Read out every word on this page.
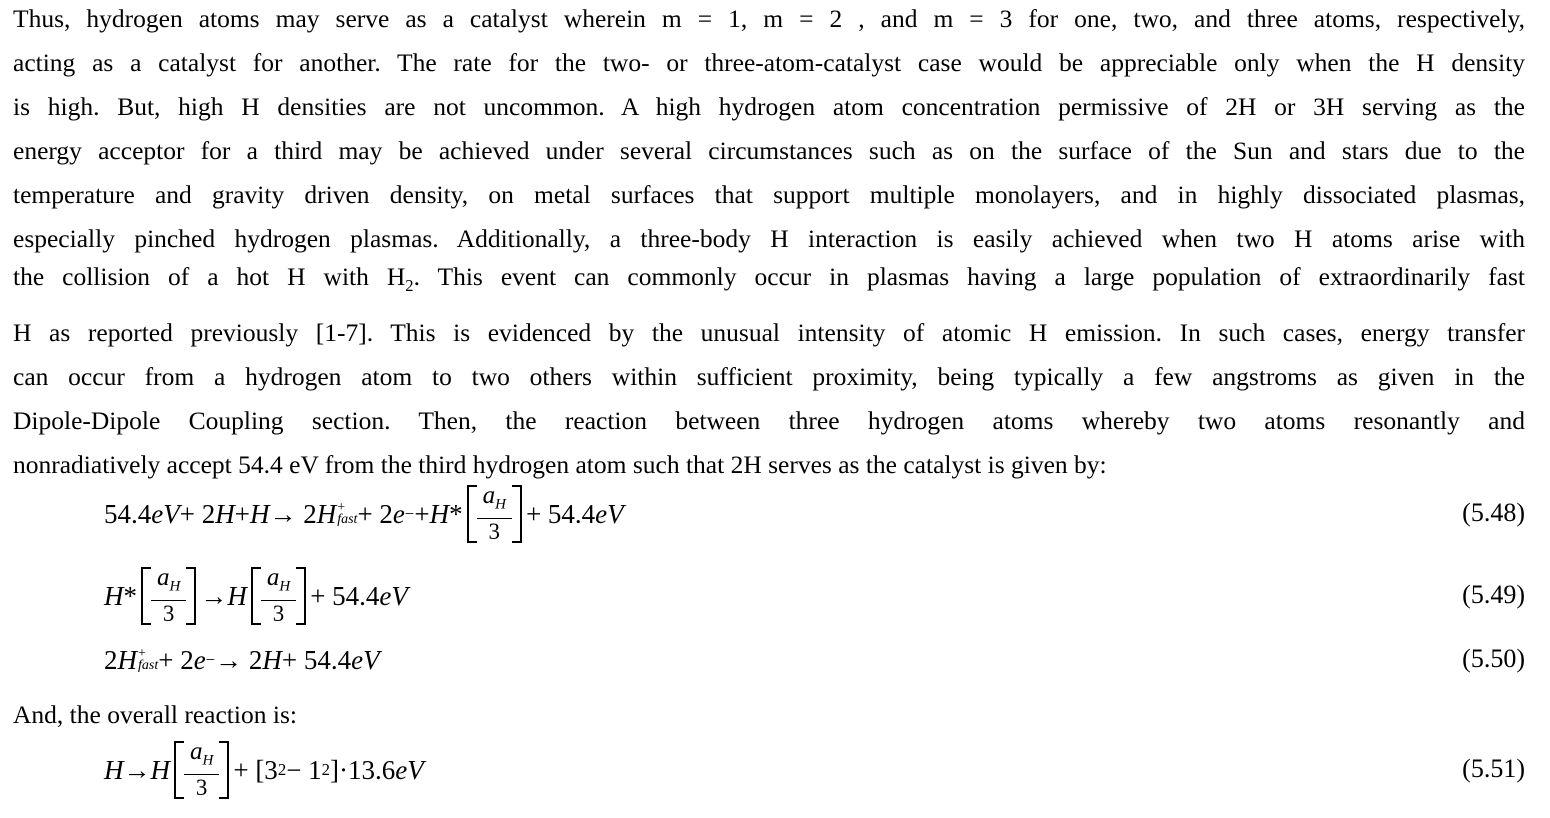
Thus, hydrogen atoms may serve as a catalyst wherein m = 1, m = 2 , and m = 3 for one, two, and three atoms, respectively,
acting as a catalyst for another. The rate for the two- or three-atom-catalyst case would be appreciable only when the H density
is high. But, high H densities are not uncommon. A high hydrogen atom concentration permissive of 2H or 3H serving as the
energy acceptor for a third may be achieved under several circumstances such as on the surface of the Sun and stars due to the
temperature and gravity driven density, on metal surfaces that support multiple monolayers, and in highly dissociated plasmas,
especially pinched hydrogen plasmas. Additionally, a three-body H interaction is easily achieved when two H atoms arise with
the collision of a hot H with $H_2$. This event can commonly occur in plasmas having a large population of extraordinarily fast
H as reported previously [1-7]. This is evidenced by the unusual intensity of atomic H emission. In such cases, energy transfer
can occur from a hydrogen atom to two others within sufficient proximity, being typically a few angstroms as given in the
Dipole-Dipole Coupling section. Then, the reaction between three hydrogen atoms whereby two atoms resonantly and
nonradiatively accept 54.4 eV from the third hydrogen atom such that 2H serves as the catalyst is given by:
54.4 eV + 2 H + H → 2 H +
fast + 2 e − + H *
$a_H$
3
+ 54.4 eV	(5.48)
H *
$a_H$
3
→ H
$a_H$
3
+ 54.4 eV	(5.49)
2 H +
fast + 2 e − → 2 H + 54.4 eV	(5.50)
And, the overall reaction is:
H → H
$a_H$
3
+ [3 2 − 1 2 ]·13.6 eV	(5.51)
